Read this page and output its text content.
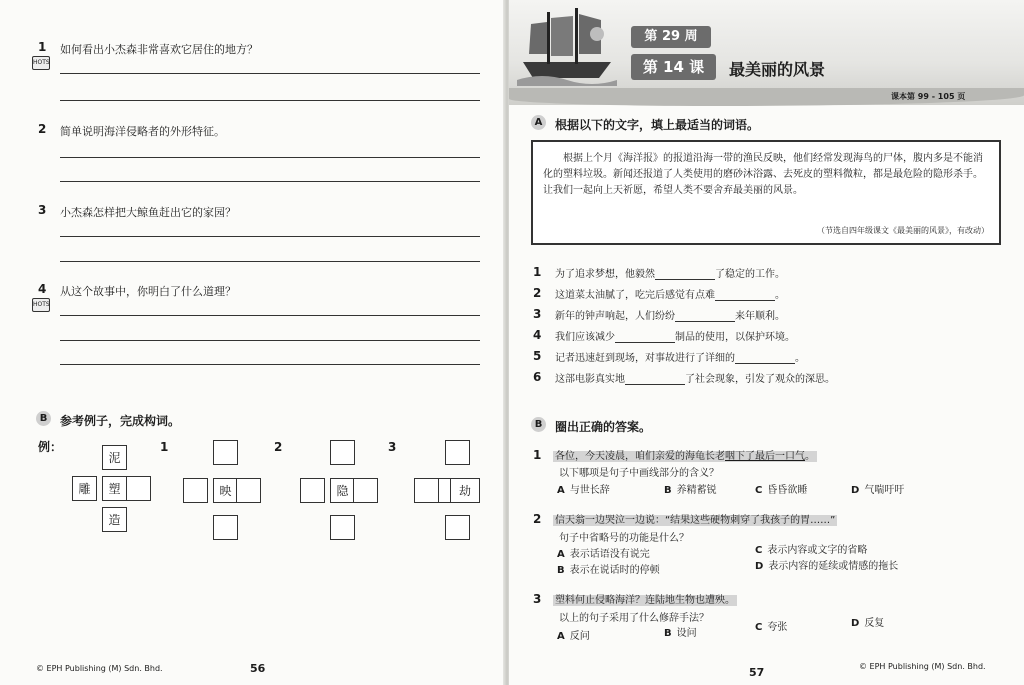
1
HOTS
如何看出小杰森非常喜欢它居住的地方？
2 简单说明海洋侵略者的外形特征。
3 小杰森怎样把大鲸鱼赶出它的家园？
4
HOTS
从这个故事中，你明白了什么道理？
B	参考例子，完成构词。
例：
泥
雕	塑
造
1
映
2
隐
3
劫
© EPH Publishing (M) Sdn. Bhd.	56
第 29 周
第 14 课	最美丽的风景
课本第 99 - 105 页
A	根据以下的文字，填上最适当的词语。
根据上个月《海洋报》的报道沿海一带的渔民反映，他们经常发现海鸟的尸体，腹内多是不能消化的塑料垃圾。新闻还报道了人类使用的磨砂沐浴露、去死皮的塑料微粒，都是最危险的隐形杀手。让我们一起向上天祈愿，希望人类不要舍弃最美丽的风景。
（节选自四年级课文《最美丽的风景》，有改动）
1 为了追求梦想，他毅然	了稳定的工作。
2 这道菜太油腻了，吃完后感觉有点难	。
3 新年的钟声响起，人们纷纷	来年顺利。
4 我们应该减少	制品的使用，以保护环境。
5 记者迅速赶到现场，对事故进行了详细的	。
6 这部电影真实地	了社会现象，引发了观众的深思。
B	圈出正确的答案。
1 各位，今天凌晨，咱们亲爱的海龟长老咽下了最后一口气。
以下哪项是句子中画线部分的含义？
A 与世长辞	B 养精蓄锐	C 昏昏欲睡	D 气喘吁吁
2 信天翁一边哭泣一边说：“结果这些硬物刺穿了我孩子的胃……”
句子中省略号的功能是什么？
A 表示话语没有说完	C 表示内容或文字的省略
B 表示在说话时的停顿	D 表示内容的延续或情感的拖长
3 塑料何止侵略海洋？连陆地生物也遭殃。
以上的句子采用了什么修辞手法？
A 反问	B 设问
C 夸张	D 反复
57	© EPH Publishing (M) Sdn. Bhd.
